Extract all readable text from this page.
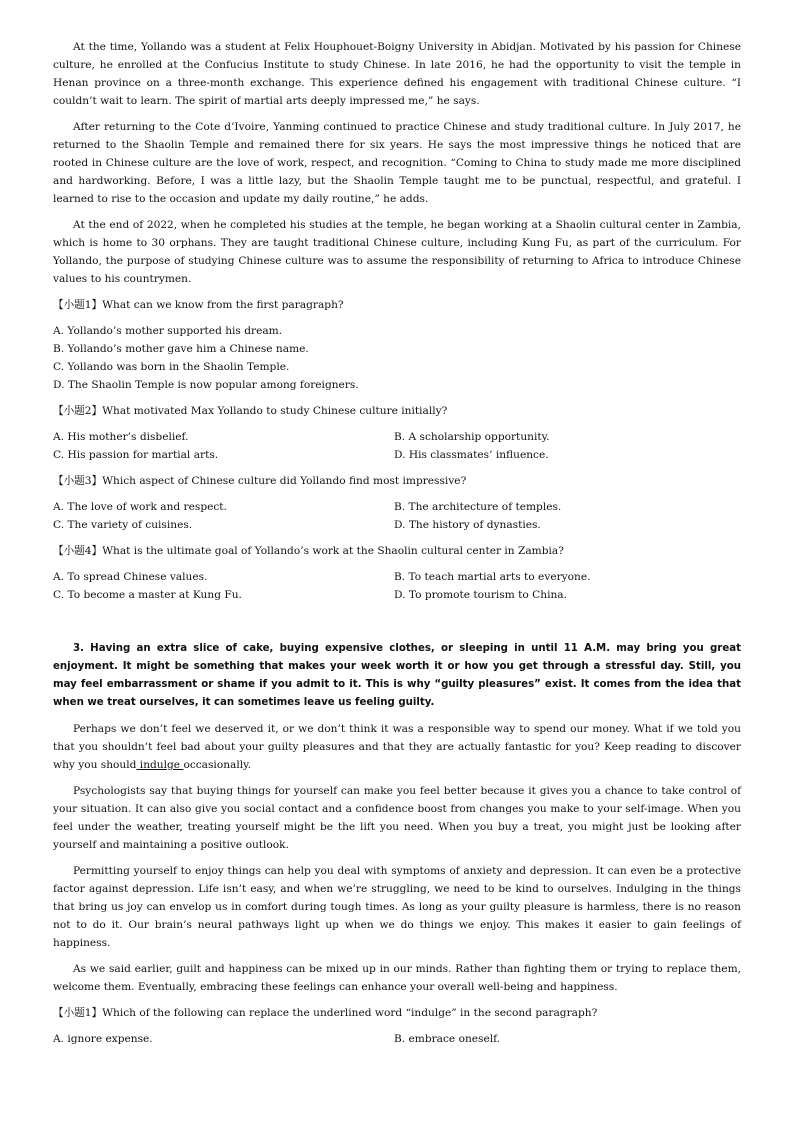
At the time, Yollando was a student at Felix Houphouet-Boigny University in Abidjan. Motivated by his passion for Chinese culture, he enrolled at the Confucius Institute to study Chinese. In late 2016, he had the opportunity to visit the temple in Henan province on a three-month exchange. This experience defined his engagement with traditional Chinese culture. “I couldn’t wait to learn. The spirit of martial arts deeply impressed me,” he says.

After returning to the Cote d’Ivoire, Yanming continued to practice Chinese and study traditional culture. In July 2017, he returned to the Shaolin Temple and remained there for six years. He says the most impressive things he noticed that are rooted in Chinese culture are the love of work, respect, and recognition. “Coming to China to study made me more disciplined and hardworking. Before, I was a little lazy, but the Shaolin Temple taught me to be punctual, respectful, and grateful. I learned to rise to the occasion and update my daily routine,” he adds.

At the end of 2022, when he completed his studies at the temple, he began working at a Shaolin cultural center in Zambia, which is home to 30 orphans. They are taught traditional Chinese culture, including Kung Fu, as part of the curriculum. For Yollando, the purpose of studying Chinese culture was to assume the responsibility of returning to Africa to introduce Chinese values to his countrymen.

【小题1】What can we know from the first paragraph?

A. Yollando’s mother supported his dream.
B. Yollando’s mother gave him a Chinese name.
C. Yollando was born in the Shaolin Temple.
D. The Shaolin Temple is now popular among foreigners.

【小题2】What motivated Max Yollando to study Chinese culture initially?

A. His mother’s disbelief.	B. A scholarship opportunity.
C. His passion for martial arts.	D. His classmates’ influence.

【小题3】Which aspect of Chinese culture did Yollando find most impressive?

A. The love of work and respect.	B. The architecture of temples.
C. The variety of cuisines.	D. The history of dynasties.

【小题4】What is the ultimate goal of Yollando’s work at the Shaolin cultural center in Zambia?

A. To spread Chinese values.	B. To teach martial arts to everyone.
C. To become a master at Kung Fu.	D. To promote tourism to China.

3. Having an extra slice of cake, buying expensive clothes, or sleeping in until 11 A.M. may bring you great enjoyment. It might be something that makes your week worth it or how you get through a stressful day. Still, you may feel embarrassment or shame if you admit to it. This is why “guilty pleasures” exist. It comes from the idea that when we treat ourselves, it can sometimes leave us feeling guilty.

Perhaps we don’t feel we deserved it, or we don’t think it was a responsible way to spend our money. What if we told you that you shouldn’t feel bad about your guilty pleasures and that they are actually fantastic for you? Keep reading to discover why you should indulge occasionally.

Psychologists say that buying things for yourself can make you feel better because it gives you a chance to take control of your situation. It can also give you social contact and a confidence boost from changes you make to your self-image. When you feel under the weather, treating yourself might be the lift you need. When you buy a treat, you might just be looking after yourself and maintaining a positive outlook.

Permitting yourself to enjoy things can help you deal with symptoms of anxiety and depression. It can even be a protective factor against depression. Life isn’t easy, and when we’re struggling, we need to be kind to ourselves. Indulging in the things that bring us joy can envelop us in comfort during tough times. As long as your guilty pleasure is harmless, there is no reason not to do it. Our brain’s neural pathways light up when we do things we enjoy. This makes it easier to gain feelings of happiness.

As we said earlier, guilt and happiness can be mixed up in our minds. Rather than fighting them or trying to replace them, welcome them. Eventually, embracing these feelings can enhance your overall well-being and happiness.

【小题1】Which of the following can replace the underlined word “indulge” in the second paragraph?

A. ignore expense.	B. embrace oneself.
